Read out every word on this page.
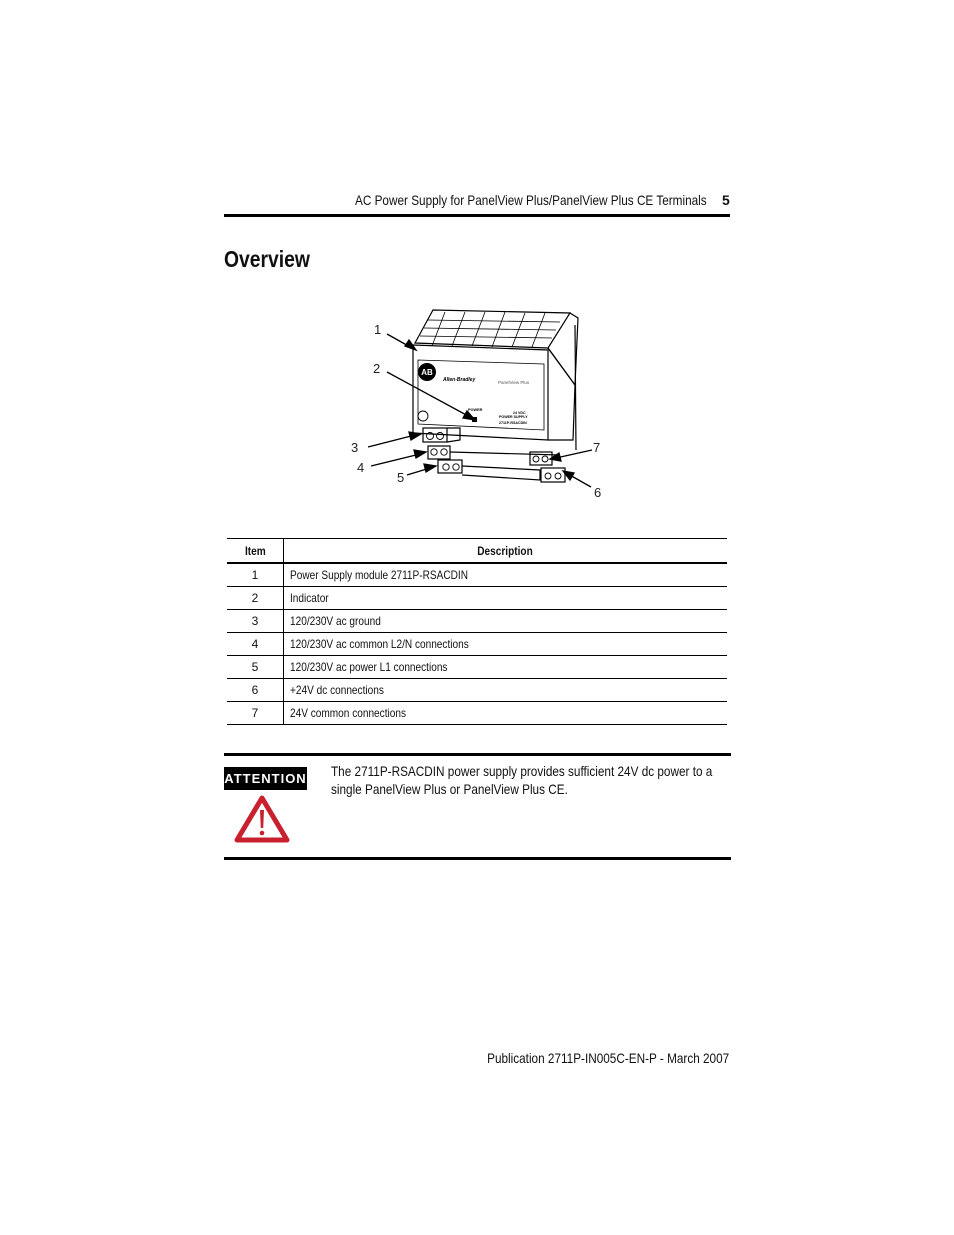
AC Power Supply for PanelView Plus/PanelView Plus CE Terminals 5
Overview
AB
Allen-Bradley	PanelView Plus
POWER
24 VDC
POWER SUPPLY
2711P-RSACDIN
1
2
3
4
5
6
7
Item	Description
1	Power Supply module 2711P-RSACDIN
2	Indicator
3	120/230V ac ground
4	120/230V ac common L2/N connections
5	120/230V ac power L1 connections
6	+24V dc connections
7	24V common connections
ATTENTION The 2711P-RSACDIN power supply provides sufficient 24V dc power to a single PanelView Plus or PanelView Plus CE.
Publication 2711P-IN005C-EN-P - March 2007
